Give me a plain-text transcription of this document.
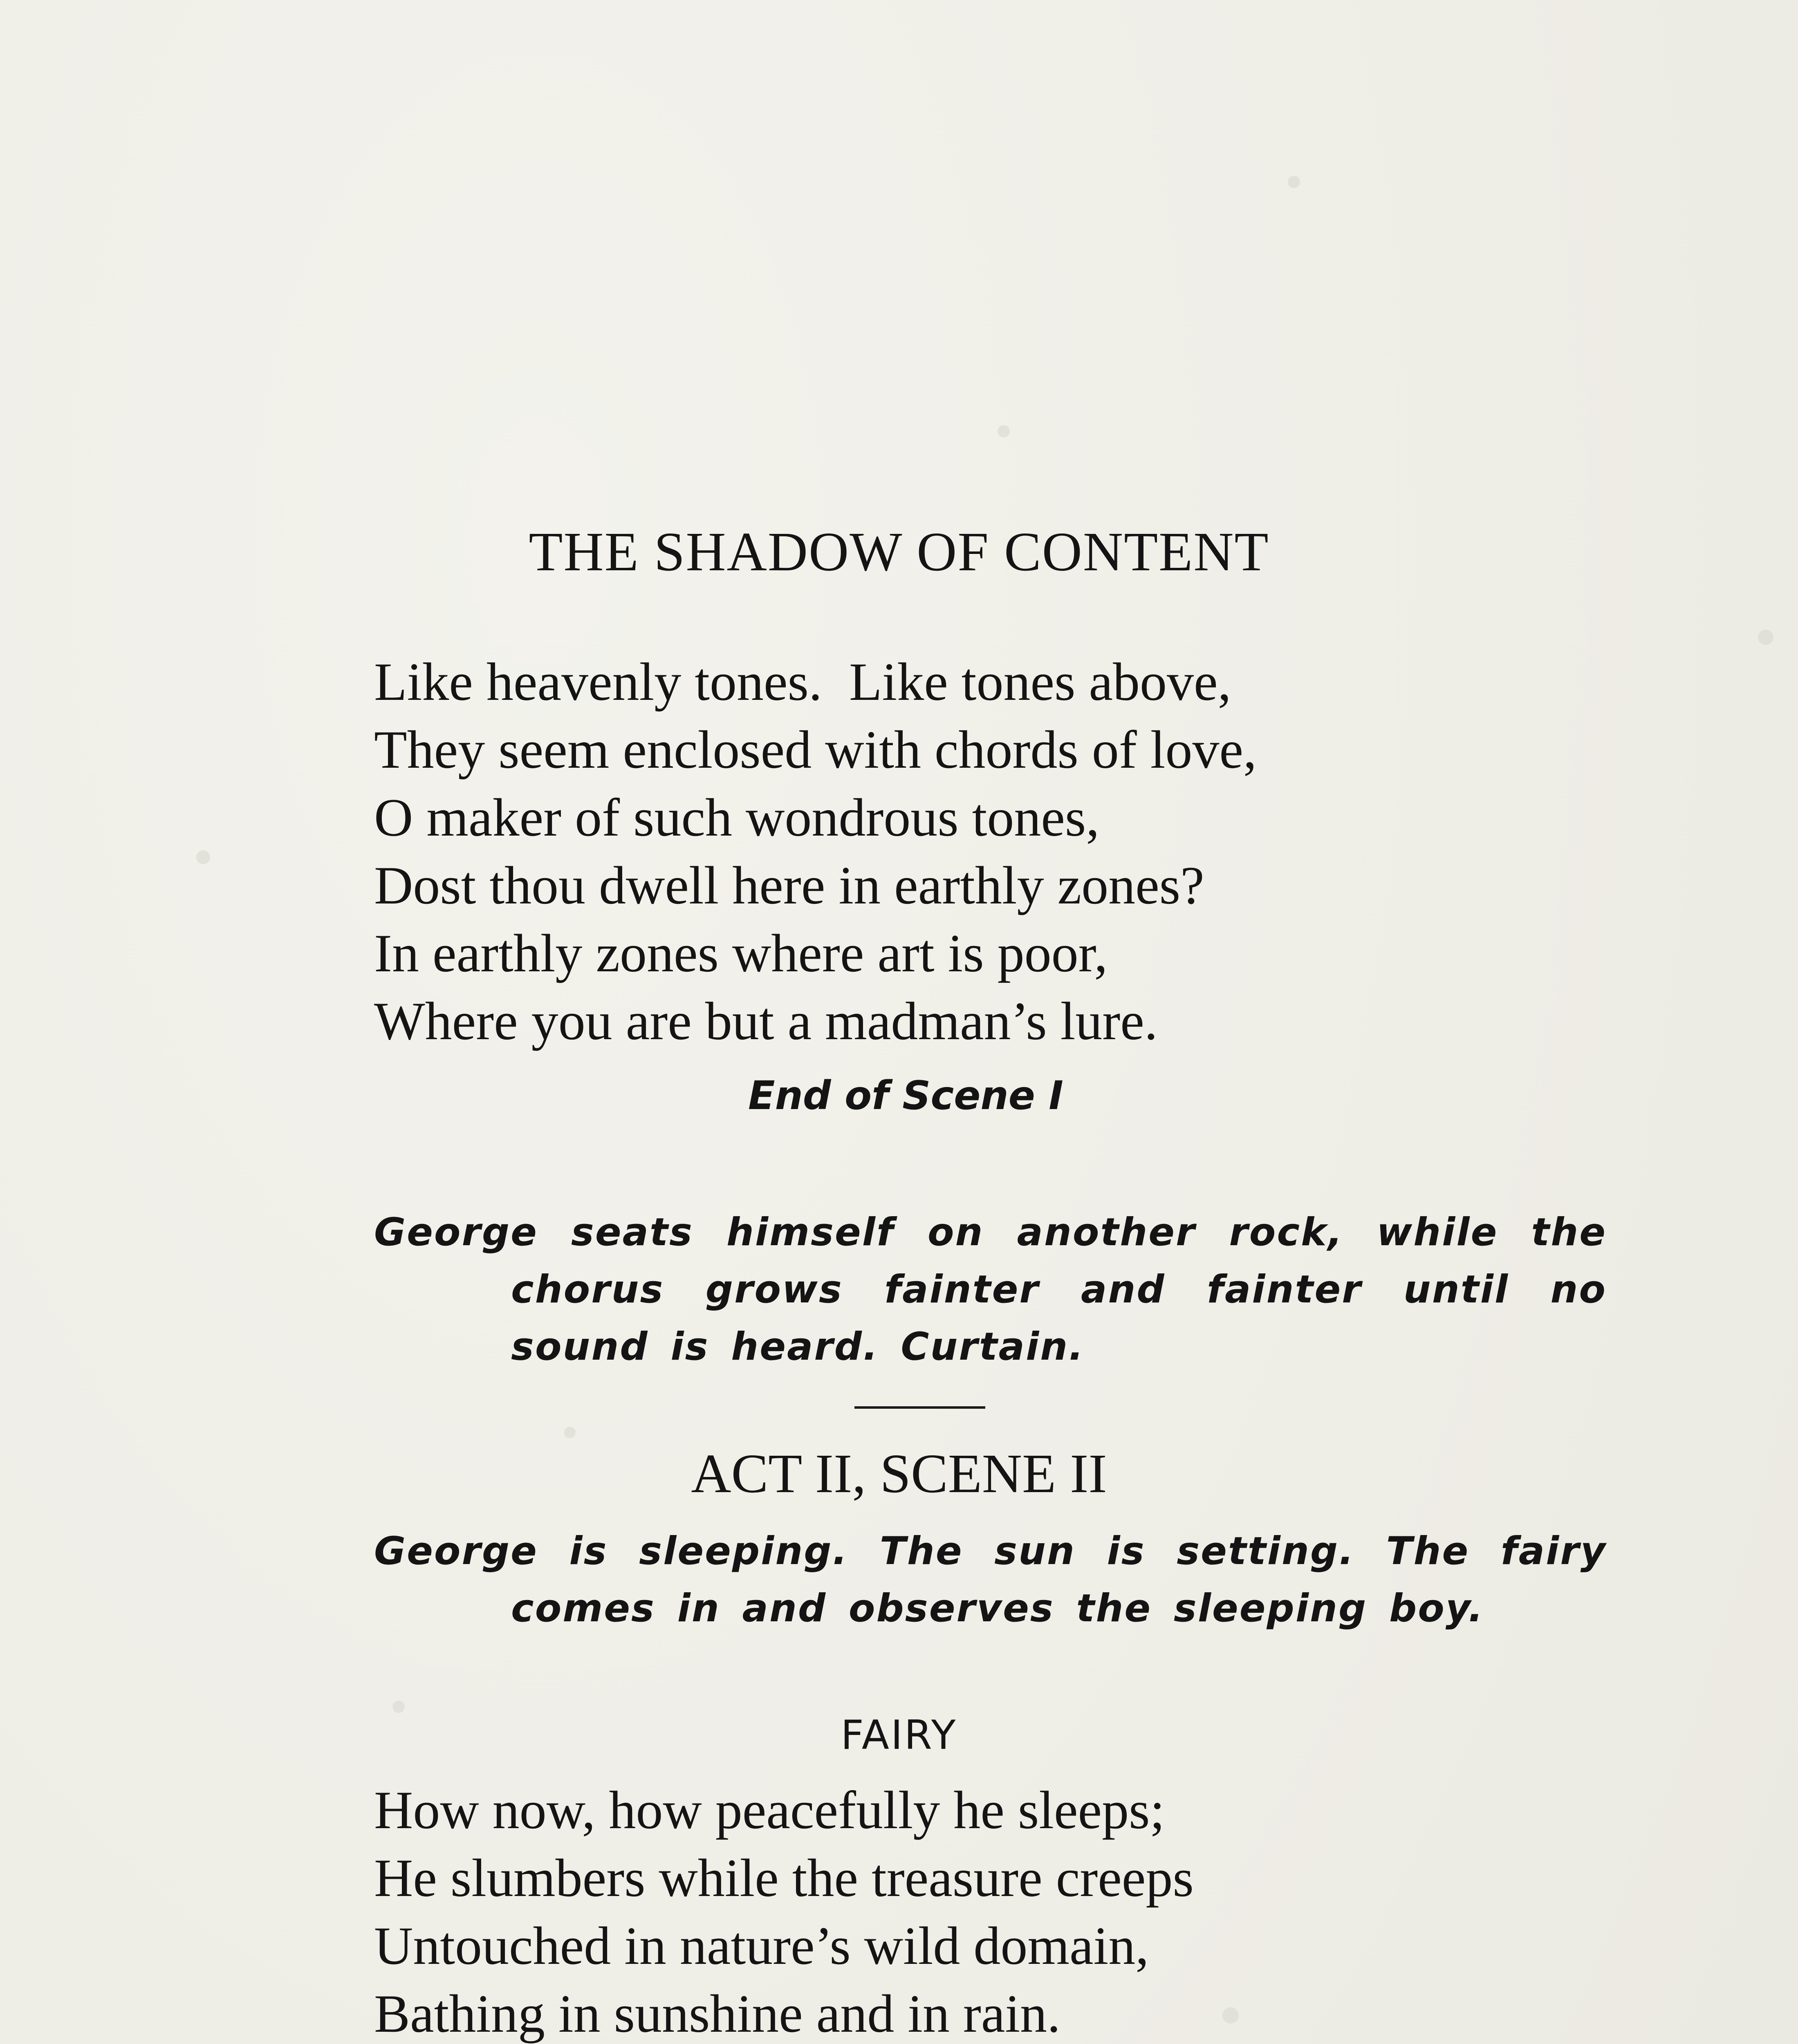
THE SHADOW OF CONTENT
Like heavenly tones.  Like tones above,
They seem enclosed with chords of love,
O maker of such wondrous tones,
Dost thou dwell here in earthly zones?
In earthly zones where art is poor,
Where you are but a madman’s lure.
End of Scene I
George seats himself on another rock, while the chorus grows fainter and fainter until no sound is heard. Curtain.
ACT II, SCENE II
George is sleeping. The sun is setting. The fairy comes in and observes the sleeping boy.
FAIRY
How now, how peacefully he sleeps;
He slumbers while the treasure creeps
Untouched in nature’s wild domain,
Bathing in sunshine and in rain.
